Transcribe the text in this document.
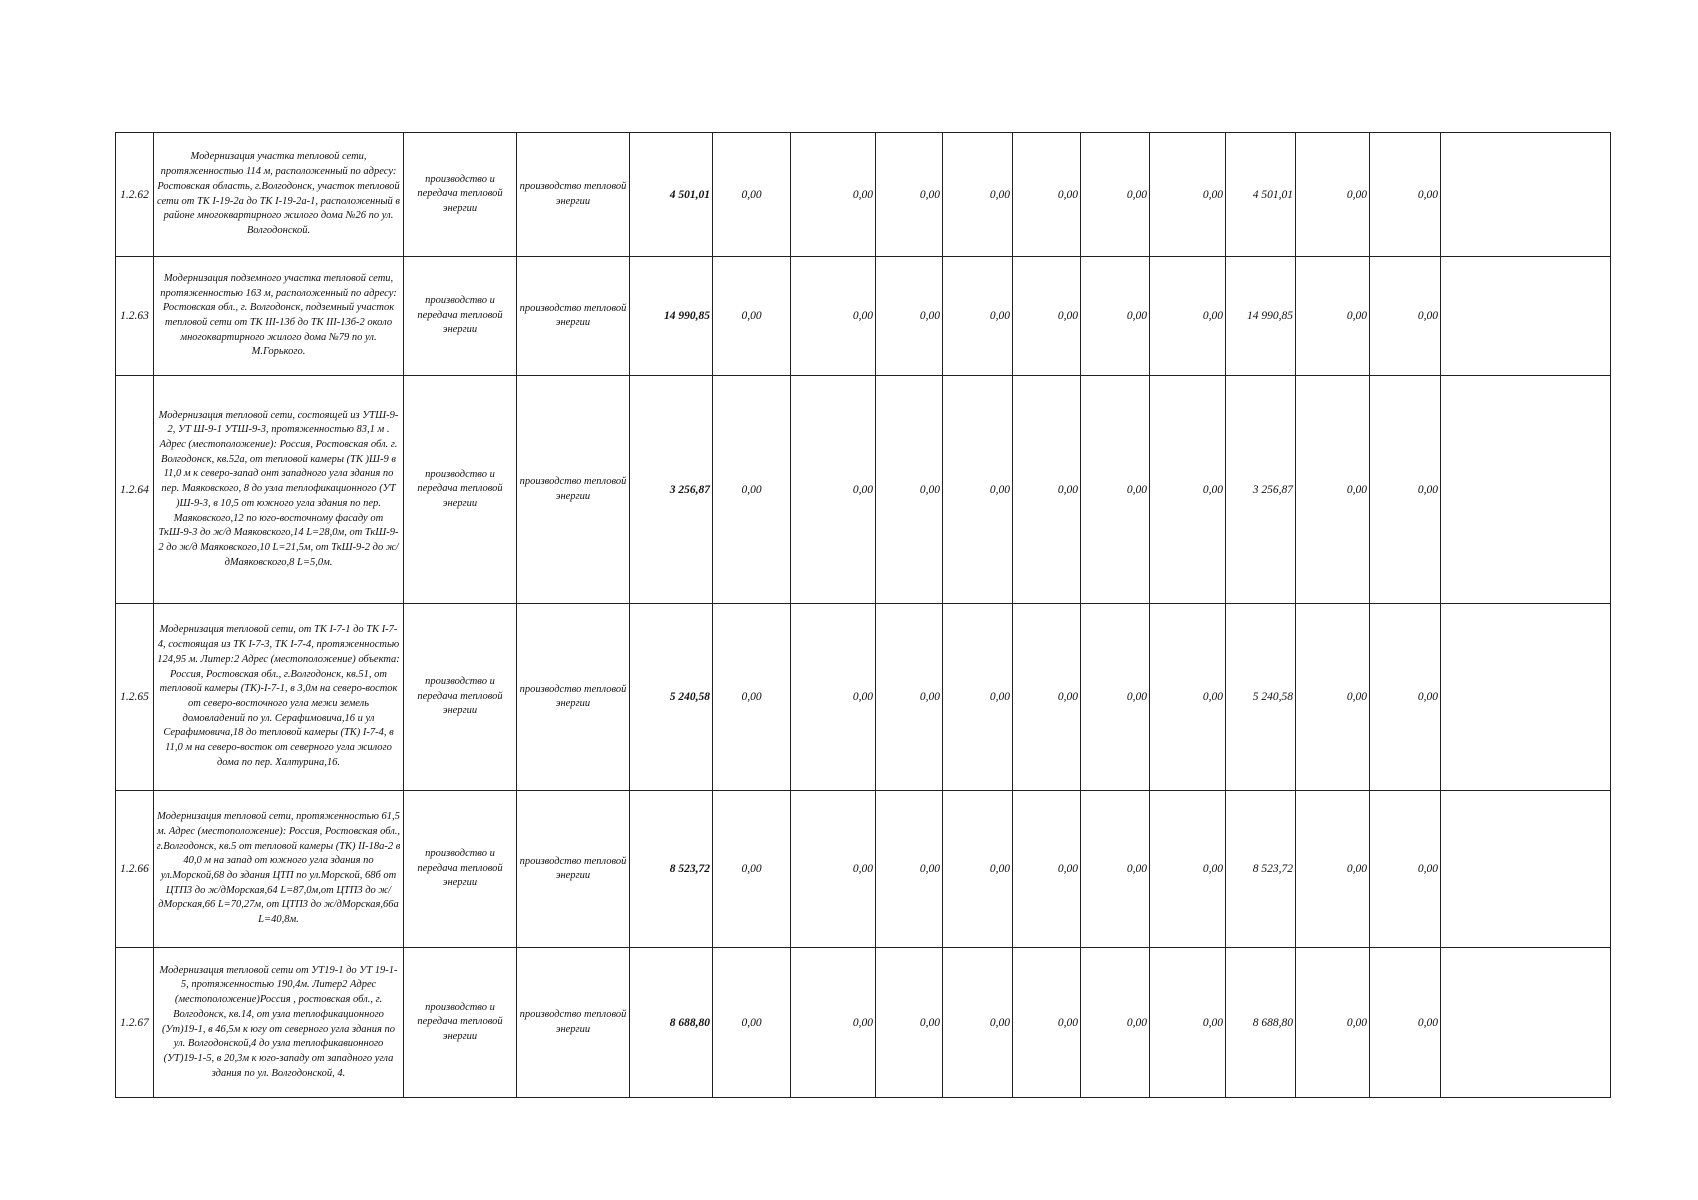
1.2.62	Модернизация участка тепловой сети, протяженностью 114 м, расположенный по адресу: Ростовская область, г.Волгодонск, участок тепловой сети от ТК I-19-2а до ТК I-19-2а-1, расположенный в районе многоквартирного жилого дома №26 по ул. Волгодонской.	производство и передача тепловой энергии	производство тепловой энергии	4 501,01	0,00	0,00	0,00	0,00	0,00	0,00	0,00	4 501,01	0,00	0,00	
1.2.63	Модернизация подземного участка тепловой сети, протяженностью 163 м, расположенный по адресу: Ростовская обл., г. Волгодонск, подземный участок тепловой сети от ТК III-13б до ТК III-13б-2 около многоквартирного жилого дома №79 по ул. М.Горького.	производство и передача тепловой энергии	производство тепловой энергии	14 990,85	0,00	0,00	0,00	0,00	0,00	0,00	0,00	14 990,85	0,00	0,00	
1.2.64	Модернизация тепловой сети, состоящей из УТШ-9-2, УТ Ш-9-1 УТШ-9-3, протяженностью 83,1 м . Адрес (местоположение): Россия, Ростовская обл. г. Волгодонск, кв.52а, от тепловой камеры (ТК )Ш-9 в 11,0 м к северо-запад онт западного угла здания по пер. Маяковского, 8 до узла теплофикационного (УТ )Ш-9-3, в 10,5 от южного угла здания по пер. Маяковского,12 по юго-восточному фасаду от ТкШ-9-3 до ж/д Маяковского,14 L=28,0м, от ТкШ-9-2 до ж/д Маяковского,10 L=21,5м, от ТкШ-9-2 до ж/дМаяковского,8 L=5,0м.	производство и передача тепловой энергии	производство тепловой энергии	3 256,87	0,00	0,00	0,00	0,00	0,00	0,00	0,00	3 256,87	0,00	0,00	
1.2.65	Модернизация тепловой сети, от ТК I-7-1 до ТК I-7-4, состоящая из ТК I-7-3, ТК I-7-4, протяженностью 124,95 м. Литер:2 Адрес (местоположение) объекта: Россия, Ростовская обл., г.Волгодонск, кв.51, от тепловой камеры (ТК)-I-7-1, в 3,0м на северо-восток от северо-восточного угла межи земель домовладений по ул. Серафимовича,16 и ул Серафимовича,18 до тепловой камеры (ТК) I-7-4, в 11,0 м на северо-восток от северного угла жилого дома по пер. Халтурина,16.	производство и передача тепловой энергии	производство тепловой энергии	5 240,58	0,00	0,00	0,00	0,00	0,00	0,00	0,00	5 240,58	0,00	0,00	
1.2.66	Модернизация тепловой сети, протяженностью 61,5 м. Адрес (местоположение): Россия, Ростовская обл., г.Волгодонск, кв.5 от тепловой камеры (ТК) II-18а-2 в 40,0 м на запад от южного угла здания по ул.Морской,68 до здания ЦТП по ул.Морской, 68б от ЦТП3 до ж/дМорская,64 L=87,0м,от ЦТП3 до ж/дМорская,66 L=70,27м, от ЦТП3 до ж/дМорская,66а L=40,8м.	производство и передача тепловой энергии	производство тепловой энергии	8 523,72	0,00	0,00	0,00	0,00	0,00	0,00	0,00	8 523,72	0,00	0,00	
1.2.67	Модернизация тепловой сети от УТ19-1 до УТ 19-1-5, протяженностью 190,4м. Литер2 Адрес (местоположение)Россия , ростовская обл., г. Волгодонск, кв.14, от узла теплофикационного (Ут)19-1, в 46,5м к югу от северного угла здания по ул. Волгодонской,4 до узла теплофикавионного (УТ)19-1-5, в 20,3м к юго-западу от западного угла здания по ул. Волгодонской, 4.	производство и передача тепловой энергии	производство тепловой энергии	8 688,80	0,00	0,00	0,00	0,00	0,00	0,00	0,00	8 688,80	0,00	0,00	
